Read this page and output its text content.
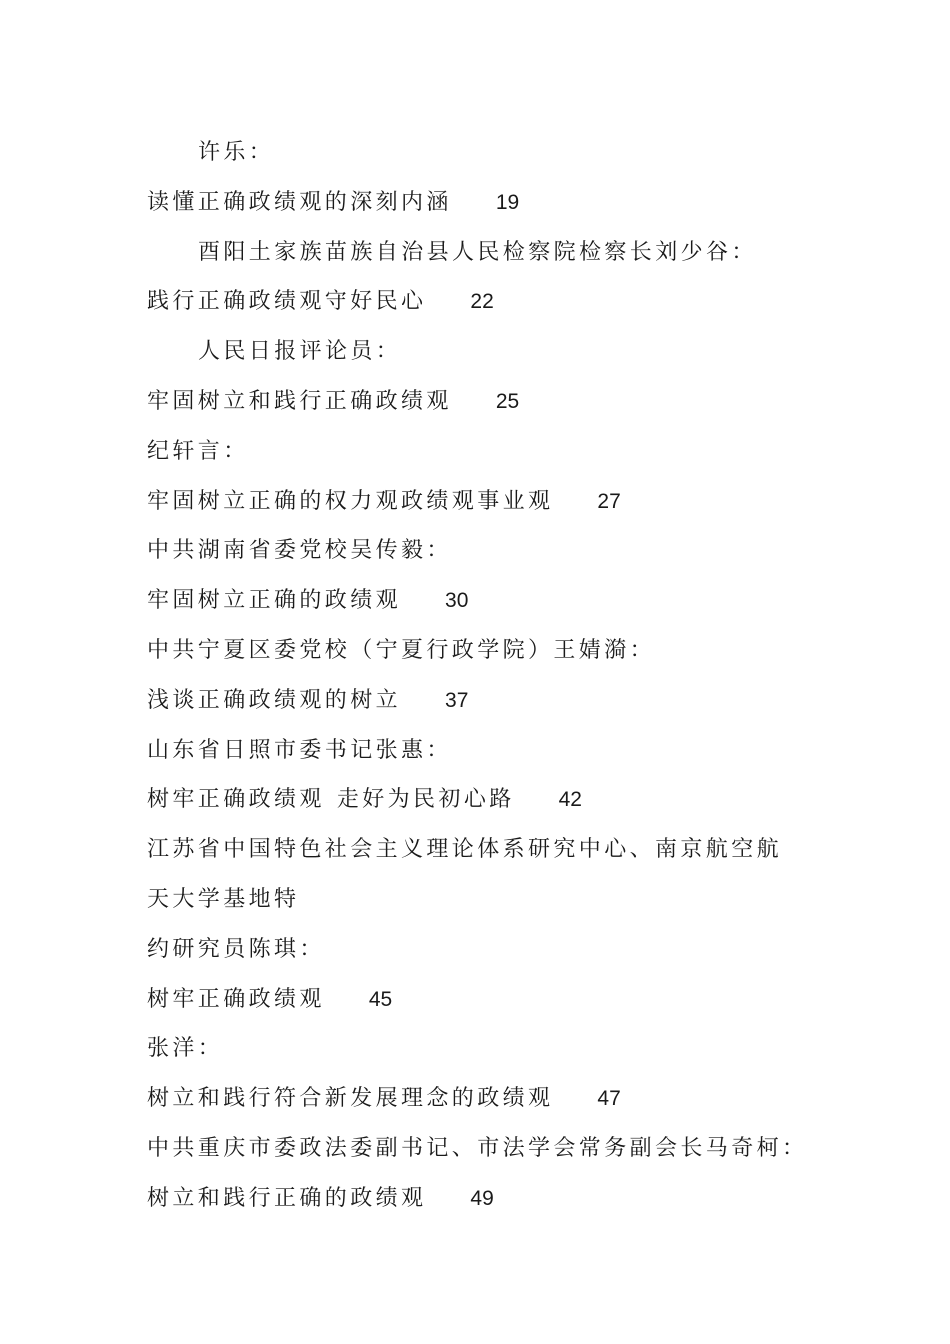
许乐：
读懂正确政绩观的深刻内涵 19
酉阳土家族苗族自治县人民检察院检察长刘少谷：
践行正确政绩观守好民心 22
人民日报评论员：
牢固树立和践行正确政绩观 25
纪轩言：
牢固树立正确的权力观政绩观事业观 27
中共湖南省委党校吴传毅：
牢固树立正确的政绩观 30
中共宁夏区委党校（宁夏行政学院）王婧漪：
浅谈正确政绩观的树立 37
山东省日照市委书记张惠：
树牢正确政绩观 走好为民初心路 42
江苏省中国特色社会主义理论体系研究中心、南京航空航
天大学基地特
约研究员陈琪：
树牢正确政绩观 45
张洋：
树立和践行符合新发展理念的政绩观 47
中共重庆市委政法委副书记、市法学会常务副会长马奇柯：
树立和践行正确的政绩观 49
